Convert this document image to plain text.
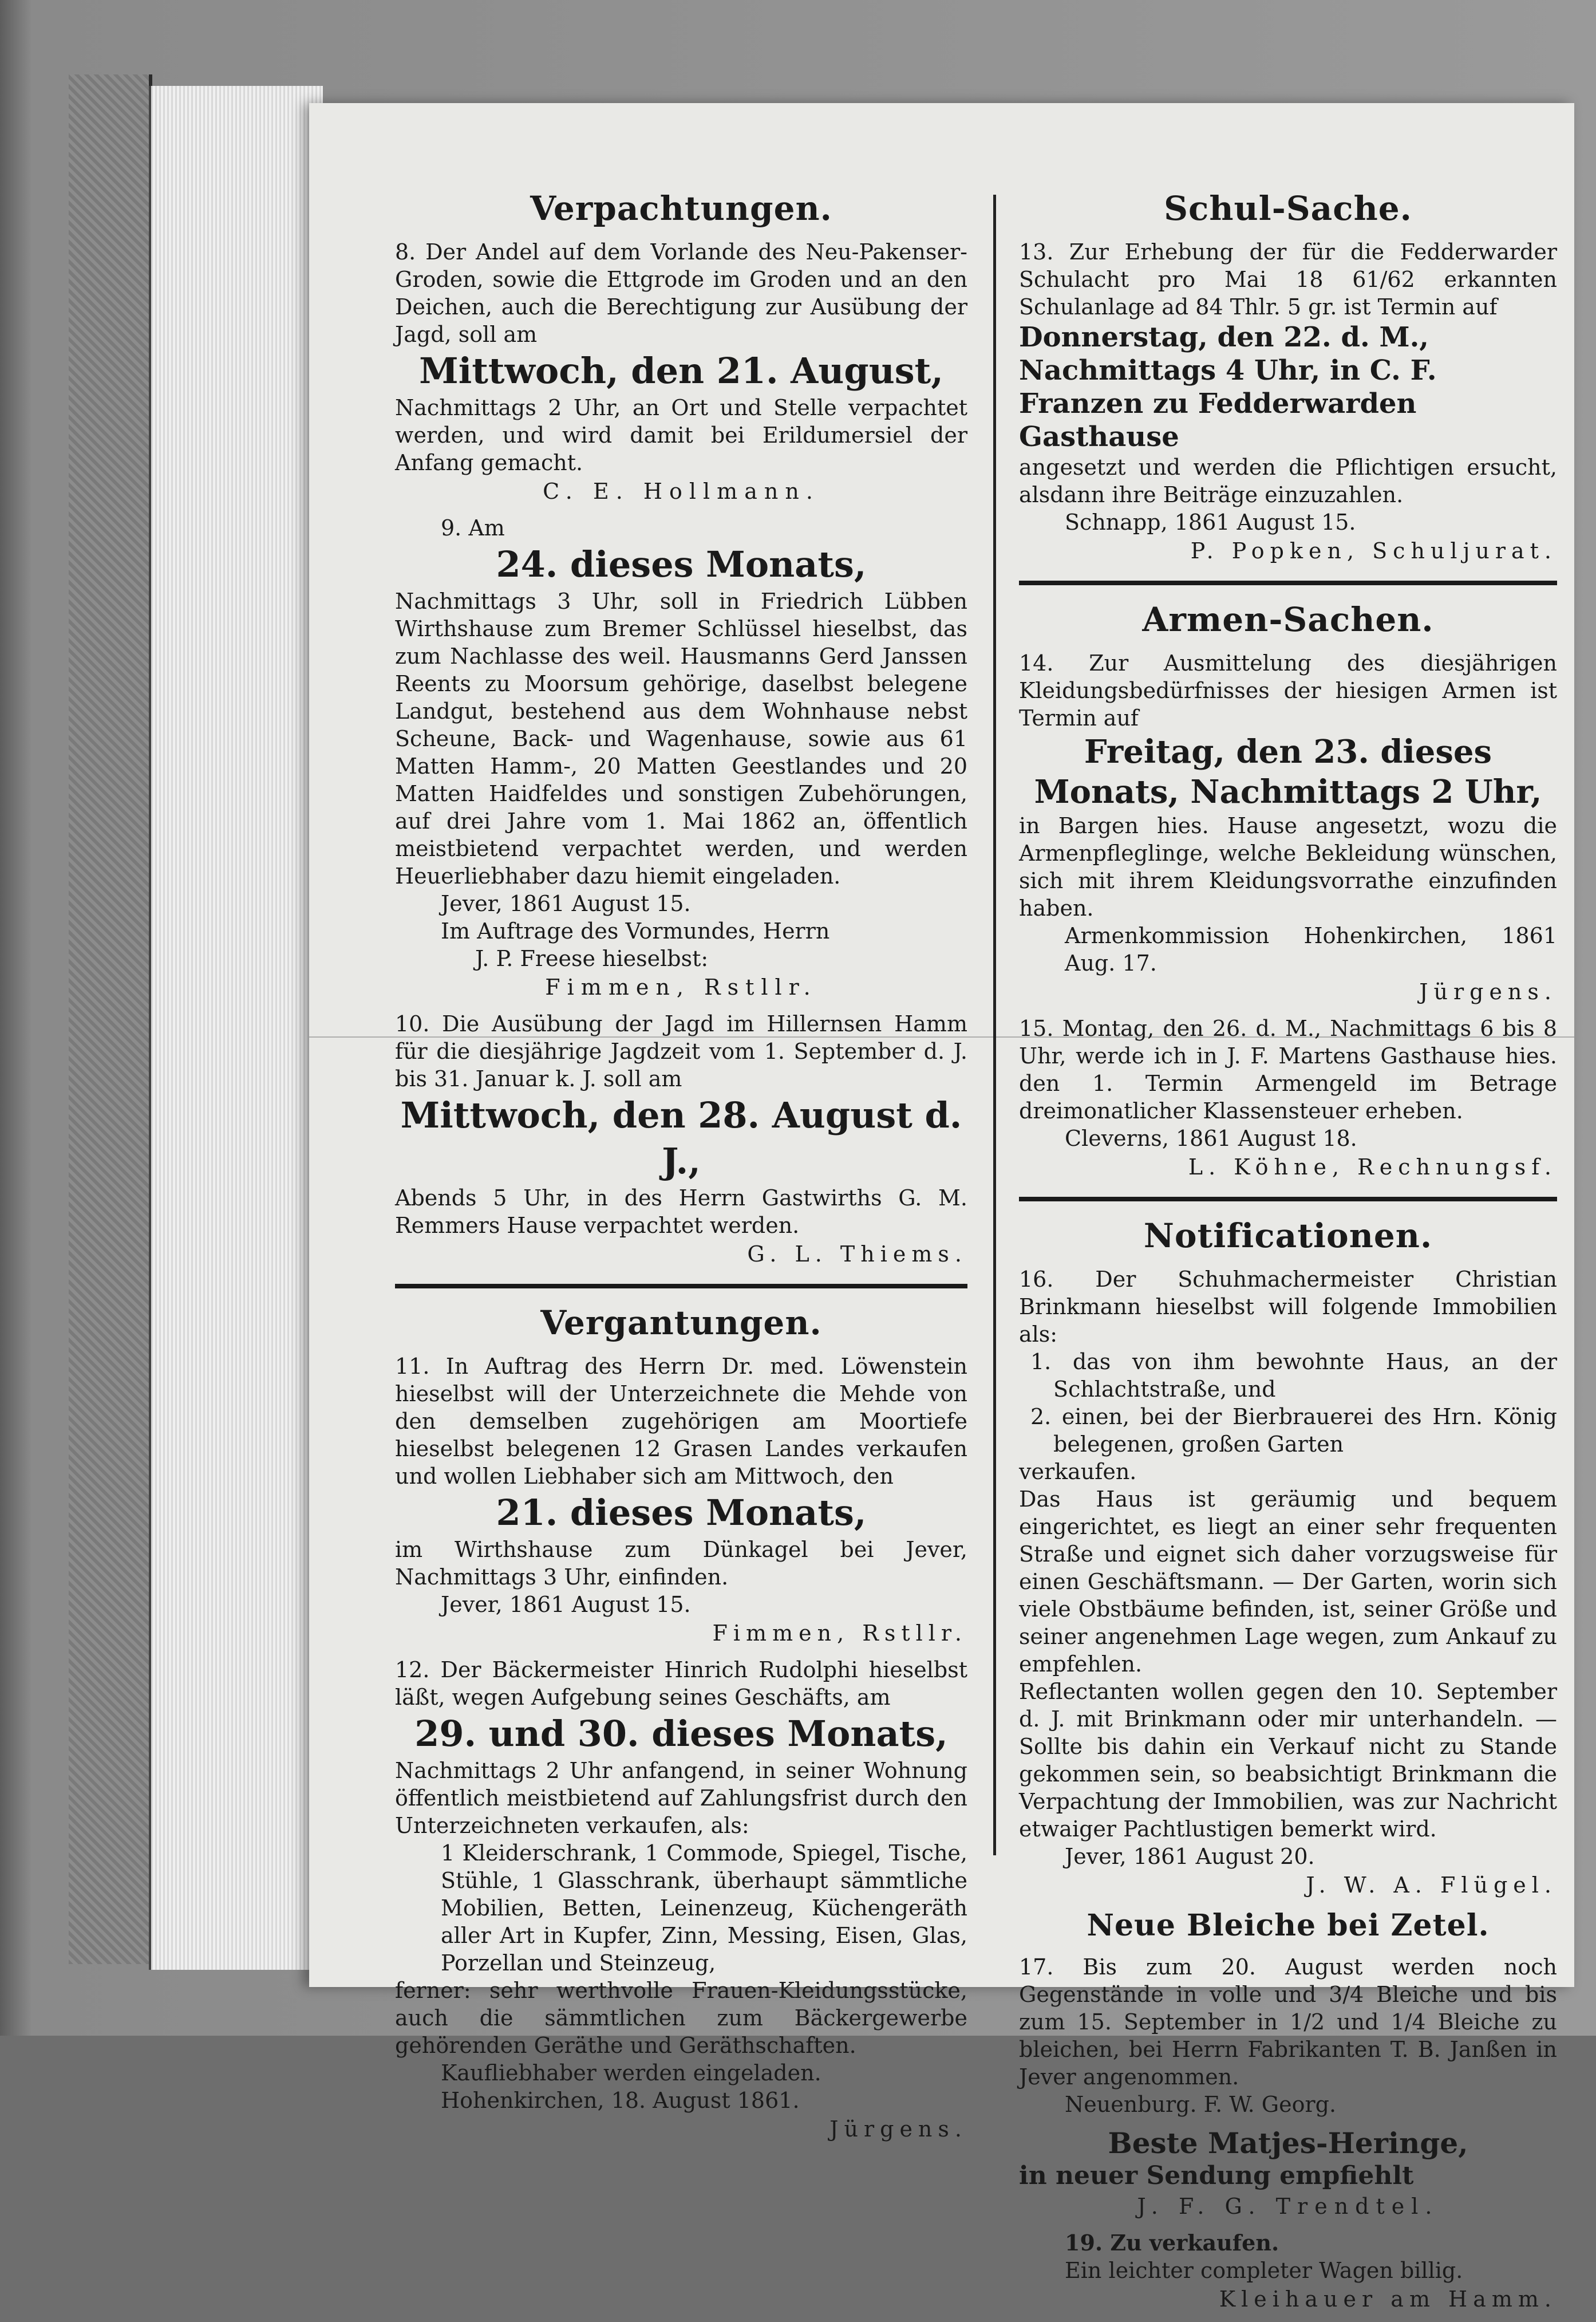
Verpachtungen.

8. Der Andel auf dem Vorlande des Neu-Pakenser-Groden, sowie die Ettgrode im Groden und an den Deichen, auch die Berechtigung zur Ausübung der Jagd, soll am

Mittwoch, den 21. August,

Nachmittags 2 Uhr, an Ort und Stelle verpachtet werden, und wird damit bei Erildumersiel der Anfang gemacht.

C. E. Hollmann.

9. Am

24. dieses Monats,

Nachmittags 3 Uhr, soll in Friedrich Lübben Wirthshause zum Bremer Schlüssel hieselbst, das zum Nachlasse des weil. Hausmanns Gerd Janssen Reents zu Moorsum gehörige, daselbst belegene Landgut, bestehend aus dem Wohnhause nebst Scheune, Back- und Wagenhause, sowie aus 61 Matten Hamm-, 20 Matten Geestlandes und 20 Matten Haidfeldes und sonstigen Zubehörungen, auf drei Jahre vom 1. Mai 1862 an, öffentlich meistbietend verpachtet werden, und werden Heuerliebhaber dazu hiemit eingeladen.

Jever, 1861 August 15.

Im Auftrage des Vormundes, Herrn

J. P. Freese hieselbst:

Fimmen, Rstllr.

10. Die Ausübung der Jagd im Hillernsen Hamm für die diesjährige Jagdzeit vom 1. September d. J. bis 31. Januar k. J. soll am

Mittwoch, den 28. August d. J.,

Abends 5 Uhr, in des Herrn Gastwirths G. M. Remmers Hause verpachtet werden.

G. L. Thiems.

Vergantungen.

11. In Auftrag des Herrn Dr. med. Löwenstein hieselbst will der Unterzeichnete die Mehde von den demselben zugehörigen am Moortiefe hieselbst belegenen 12 Grasen Landes verkaufen und wollen Liebhaber sich am Mittwoch, den

21. dieses Monats,

im Wirthshause zum Dünkagel bei Jever, Nachmittags 3 Uhr, einfinden.

Jever, 1861 August 15.

Fimmen, Rstllr.

12. Der Bäckermeister Hinrich Rudolphi hieselbst läßt, wegen Aufgebung seines Geschäfts, am

29. und 30. dieses Monats,

Nachmittags 2 Uhr anfangend, in seiner Wohnung öffentlich meistbietend auf Zahlungsfrist durch den Unterzeichneten verkaufen, als:

1 Kleiderschrank, 1 Commode, Spiegel, Tische, Stühle, 1 Glasschrank, überhaupt sämmtliche Mobilien, Betten, Leinenzeug, Küchengeräth aller Art in Kupfer, Zinn, Messing, Eisen, Glas, Porzellan und Steinzeug,

ferner: sehr werthvolle Frauen-Kleidungsstücke, auch die sämmtlichen zum Bäckergewerbe gehörenden Geräthe und Geräthschaften.

Kaufliebhaber werden eingeladen.

Hohenkirchen, 18. August 1861.

Jürgens.

Schul-Sache.

13. Zur Erhebung der für die Fedderwarder Schulacht pro Mai 18 61/62 erkannten Schulanlage ad 84 Thlr. 5 gr. ist Termin auf

Donnerstag, den 22. d. M., Nachmittags 4 Uhr, in C. F. Franzen zu Fedderwarden Gasthause

angesetzt und werden die Pflichtigen ersucht, alsdann ihre Beiträge einzuzahlen.

Schnapp, 1861 August 15.

P. Popken, Schuljurat.

Armen-Sachen.

14. Zur Ausmittelung des diesjährigen Kleidungsbedürfnisses der hiesigen Armen ist Termin auf

Freitag, den 23. dieses Monats, Nachmittags 2 Uhr,

in Bargen hies. Hause angesetzt, wozu die Armenpfleglinge, welche Bekleidung wünschen, sich mit ihrem Kleidungsvorrathe einzufinden haben.

Armenkommission Hohenkirchen, 1861 Aug. 17.

Jürgens.

15. Montag, den 26. d. M., Nachmittags 6 bis 8 Uhr, werde ich in J. F. Martens Gasthause hies. den 1. Termin Armengeld im Betrage dreimonatlicher Klassensteuer erheben.

Cleverns, 1861 August 18.

L. Köhne, Rechnungsf.

Notificationen.

16. Der Schuhmachermeister Christian Brinkmann hieselbst will folgende Immobilien als:

1. das von ihm bewohnte Haus, an der Schlachtstraße, und

2. einen, bei der Bierbrauerei des Hrn. König belegenen, großen Garten

verkaufen.

Das Haus ist geräumig und bequem eingerichtet, es liegt an einer sehr frequenten Straße und eignet sich daher vorzugsweise für einen Geschäftsmann. — Der Garten, worin sich viele Obstbäume befinden, ist, seiner Größe und seiner angenehmen Lage wegen, zum Ankauf zu empfehlen.

Reflectanten wollen gegen den 10. September d. J. mit Brinkmann oder mir unterhandeln. — Sollte bis dahin ein Verkauf nicht zu Stande gekommen sein, so beabsichtigt Brinkmann die Verpachtung der Immobilien, was zur Nachricht etwaiger Pachtlustigen bemerkt wird.

Jever, 1861 August 20.

J. W. A. Flügel.

Neue Bleiche bei Zetel.

17. Bis zum 20. August werden noch Gegenstände in volle und 3/4 Bleiche und bis zum 15. September in 1/2 und 1/4 Bleiche zu bleichen, bei Herrn Fabrikanten T. B. Janßen in Jever angenommen.

Neuenburg. F. W. Georg.

Beste Matjes-Heringe,

in neuer Sendung empfiehlt

J. F. G. Trendtel.

19. Zu verkaufen.

Ein leichter completer Wagen billig.

Kleihauer am Hamm.
